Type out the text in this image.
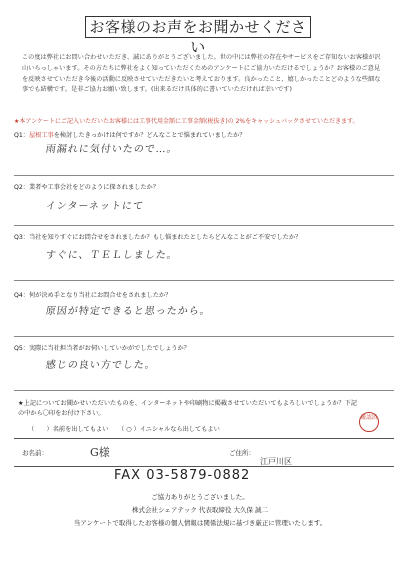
お客様のお声をお聞かせください
この度は弊社にお問い合わせいただき、誠にありがとうございました。世の中には弊社の存在やサービスをご存知ないお客様が沢山いらっしゃいます。その方たちに弊社をよく知っていただくためのアンケートにご協力いただけるでしょうか？お客様のご意見を反映させていただき今後の活動に反映させていただきたいと考えております。良かったこと、嬉しかったことどのような些細な事でも結構です。是非ご協力お願い致します。(出来るだけ具体的に書いていただければ幸いです)
★本アンケートにご記入いただいたお客様には工事代用金額に工事金額(税抜き)の 2%をキャッシュバックさせていただきます。
Q1：屋根工事を検討したきっかけは何ですか？どんなことで悩まれていましたか？
雨漏れに気付いたので…。
Q2：業者や工事会社をどのように探されましたか？
インターネットにて
Q3：当社を知りすぐにお問合せをされましたか？もし悩まれたとしたらどんなことがご不安でしたか？
すぐに、ＴＥＬしました。
Q4：何が決め手となり当社にお問合せをされましたか？
原因が特定できると思ったから。
Q5：実際に当社担当者がお伺いしていかがでしたでしょうか？
感じの良い方でした。
★上記についてお聞かせいただいたものを、インターネットや印刷物に掲載させていただいてもよろしいでしょうか？下記の中から〇印をお付け下さい。
（　　）名前を出してもよい （ ○ ）イニシャルなら出してもよい
確認済
お名前：	G様	ご住所：
江戸川区
FAX 03-5879-0882
ご協力ありがとうございました。
株式会社シェアテック 代表取締役 大久保 誠二
当アンケートで取得したお客様の個人情報は関係法規に基づき厳正に管理いたします。
